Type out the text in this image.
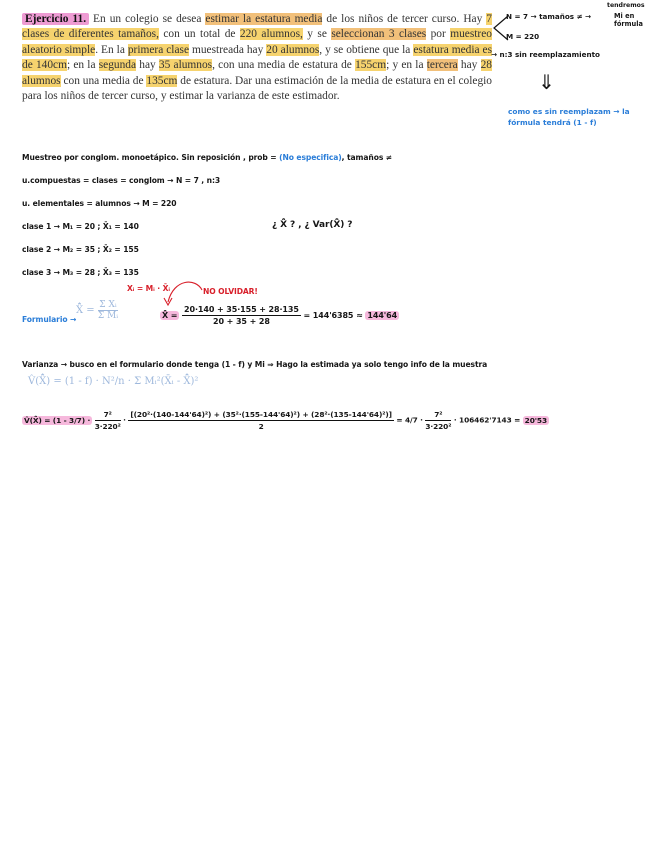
Ejercicio 11. En un colegio se desea estimar la estatura media de los niños de tercer curso. Hay 7 clases de diferentes tamaños, con un total de 220 alumnos, y se seleccionan 3 clases por muestreo aleatorio simple. En la primera clase muestreada hay 20 alumnos, y se obtiene que la estatura media es de 140cm; en la segunda hay 35 alumnos, con una media de estatura de 155cm; y en la tercera hay 28 alumnos con una media de 135cm de estatura. Dar una estimación de la media de estatura en el colegio para los niños de tercer curso, y estimar la varianza de este estimador.
N = 7 → tamaños ≠ →
tendremos
Mi en fórmula
M = 220
→ n:3 sin reemplazamiento
⇓
como es sin reemplazam → la fórmula tendrá (1 - f)
Muestreo por conglom. monoetápico. Sin reposición , prob = (No especifica), tamaños ≠
u.compuestas = clases = conglom → N = 7 , n:3
u. elementales = alumnos → M = 220
clase 1 → M₁ = 20 ; X̄₁ = 140
clase 2 → M₂ = 35 ; X̄₂ = 155
clase 3 → M₃ = 28 ; X̄₃ = 135
¿ X̄̂ ? , ¿ Var(X̄̂) ?
Formulario →
X̄̂ = $\frac{\text{Σ Xᵢ}}{\text{Σ Mᵢ}}$
Xᵢ = Mᵢ · X̄ᵢ	NO OLVIDAR!
X̄̂ = $\frac{20\cdot 140 + 35\cdot 155 + 28\cdot 135}{20 + 35 + 28} = 144'6385 \approx 144'64$
Varianza → busco en el formulario donde tenga (1 - f) y Mi ⇒ Hago la estimada ya solo tengo info de la muestra
V̂(X̄̂) = (1 - f) · N²/n · Σ Mᵢ²(X̄ᵢ - X̄̂)²
V̂(X̄̂) = $(1 - 3/7) \cdot \frac{\text{7²}}{\text{3·220²}}$ ·
[(20²·(140-144'64)²) + (35²·(155-144'64)²) + (28²·(135-144'64)²)]
2
= $4/7 \cdot \frac{\text{7²}}{\text{3·220²}} \cdot 106462'7143 = 20'53$
